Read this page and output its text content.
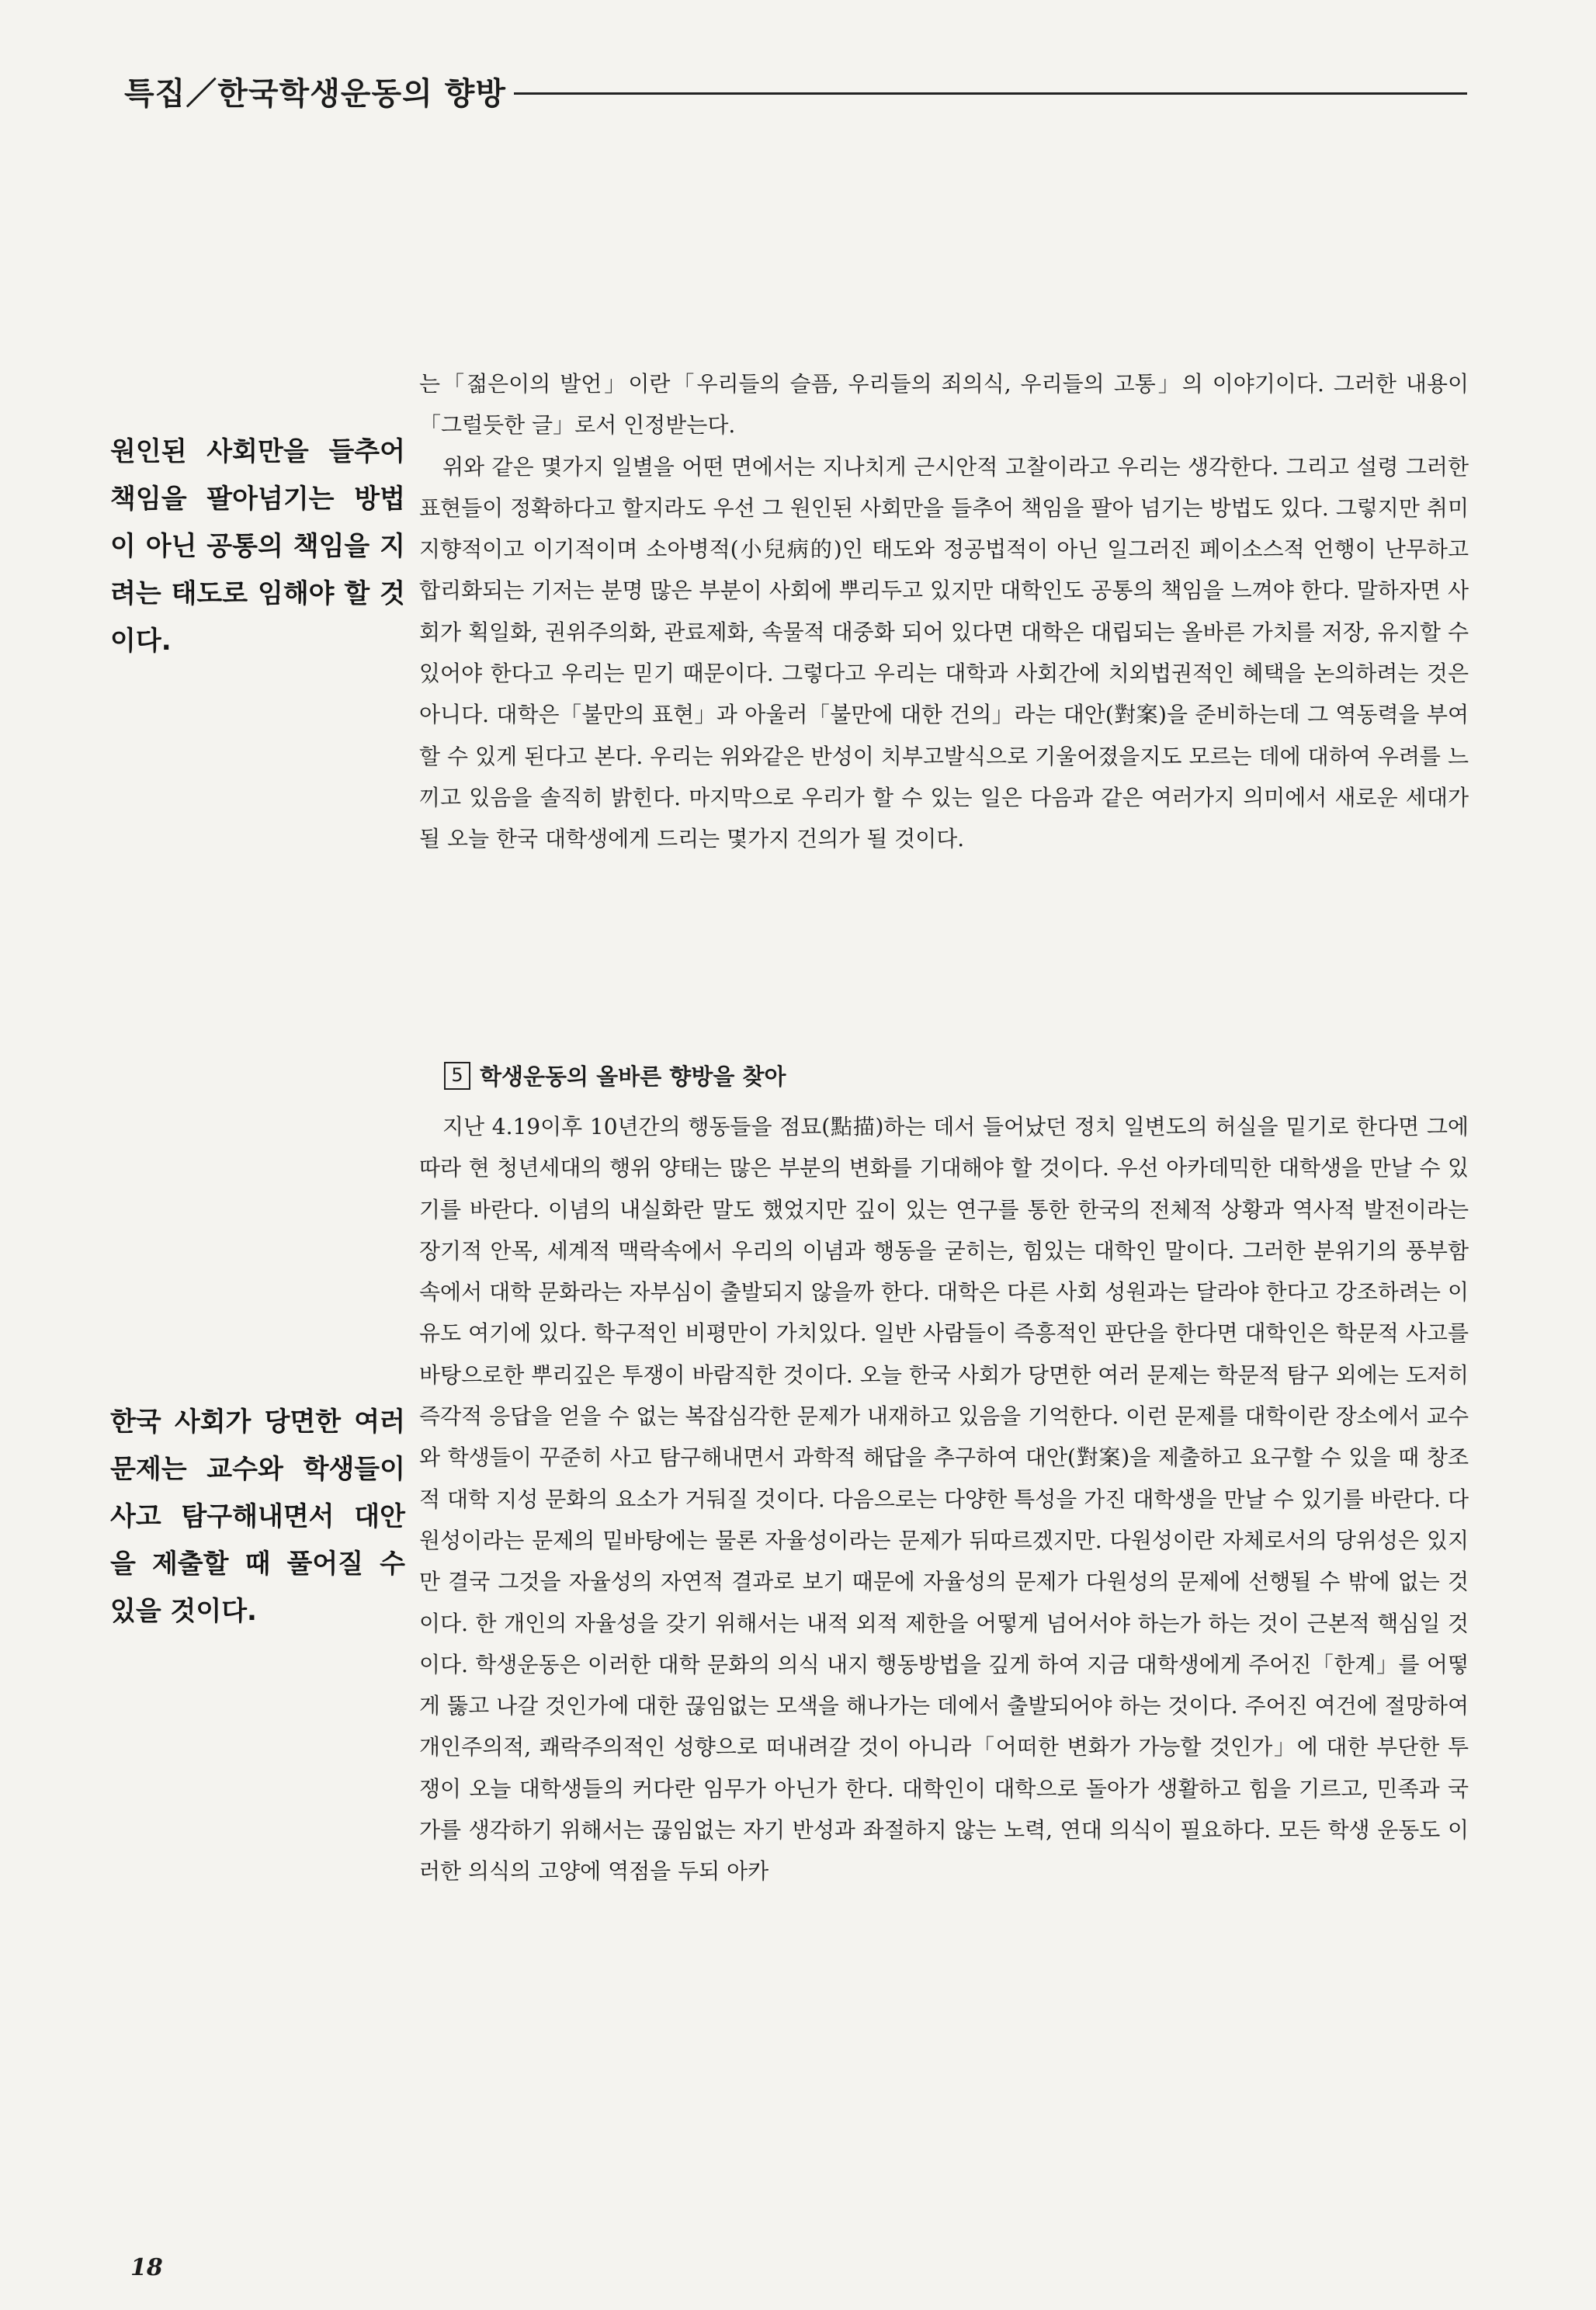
특집／한국학생운동의 향방
원인된 사회만을 들추어 책임을 팔아넘기는 방법이 아닌 공통의 책임을 지려는 태도로 임해야 할 것이다.
한국 사회가 당면한 여러문제는 교수와 학생들이 사고 탐구해내면서 대안을 제출할 때 풀어질 수 있을 것이다.

는「젊은이의 발언」이란「우리들의 슬픔, 우리들의 죄의식, 우리들의 고통」의 이야기이다. 그러한 내용이「그럴듯한 글」로서 인정받는다.

위와 같은 몇가지 일별을 어떤 면에서는 지나치게 근시안적 고찰이라고 우리는 생각한다. 그리고 설령 그러한 표현들이 정확하다고 할지라도 우선 그 원인된 사회만을 들추어 책임을 팔아 넘기는 방법도 있다. 그렇지만 취미지향적이고 이기적이며 소아병적(小兒病的)인 태도와 정공법적이 아닌 일그러진 페이소스적 언행이 난무하고 합리화되는 기저는 분명 많은 부분이 사회에 뿌리두고 있지만 대학인도 공통의 책임을 느껴야 한다. 말하자면 사회가 획일화, 권위주의화, 관료제화, 속물적 대중화 되어 있다면 대학은 대립되는 올바른 가치를 저장, 유지할 수 있어야 한다고 우리는 믿기 때문이다. 그렇다고 우리는 대학과 사회간에 치외법권적인 혜택을 논의하려는 것은 아니다. 대학은「불만의 표현」과 아울러「불만에 대한 건의」라는 대안(對案)을 준비하는데 그 역동력을 부여할 수 있게 된다고 본다. 우리는 위와같은 반성이 치부고발식으로 기울어졌을지도 모르는 데에 대하여 우려를 느끼고 있음을 솔직히 밝힌다. 마지막으로 우리가 할 수 있는 일은 다음과 같은 여러가지 의미에서 새로운 세대가 될 오늘 한국 대학생에게 드리는 몇가지 건의가 될 것이다.

5 학생운동의 올바른 향방을 찾아

지난 4.19이후 10년간의 행동들을 점묘(點描)하는 데서 들어났던 정치 일변도의 허실을 밑기로 한다면 그에 따라 현 청년세대의 행위 양태는 많은 부분의 변화를 기대해야 할 것이다. 우선 아카데믹한 대학생을 만날 수 있기를 바란다. 이념의 내실화란 말도 했었지만 깊이 있는 연구를 통한 한국의 전체적 상황과 역사적 발전이라는 장기적 안목, 세계적 맥락속에서 우리의 이념과 행동을 굳히는, 힘있는 대학인 말이다. 그러한 분위기의 풍부함 속에서 대학 문화라는 자부심이 출발되지 않을까 한다. 대학은 다른 사회 성원과는 달라야 한다고 강조하려는 이유도 여기에 있다. 학구적인 비평만이 가치있다. 일반 사람들이 즉흥적인 판단을 한다면 대학인은 학문적 사고를 바탕으로한 뿌리깊은 투쟁이 바람직한 것이다. 오늘 한국 사회가 당면한 여러 문제는 학문적 탐구 외에는 도저히 즉각적 응답을 얻을 수 없는 복잡심각한 문제가 내재하고 있음을 기억한다. 이런 문제를 대학이란 장소에서 교수와 학생들이 꾸준히 사고 탐구해내면서 과학적 해답을 추구하여 대안(對案)을 제출하고 요구할 수 있을 때 창조적 대학 지성 문화의 요소가 거둬질 것이다. 다음으로는 다양한 특성을 가진 대학생을 만날 수 있기를 바란다. 다원성이라는 문제의 밑바탕에는 물론 자율성이라는 문제가 뒤따르겠지만. 다원성이란 자체로서의 당위성은 있지만 결국 그것을 자율성의 자연적 결과로 보기 때문에 자율성의 문제가 다원성의 문제에 선행될 수 밖에 없는 것이다. 한 개인의 자율성을 갖기 위해서는 내적 외적 제한을 어떻게 넘어서야 하는가 하는 것이 근본적 핵심일 것이다. 학생운동은 이러한 대학 문화의 의식 내지 행동방법을 깊게 하여 지금 대학생에게 주어진「한계」를 어떻게 뚫고 나갈 것인가에 대한 끊임없는 모색을 해나가는 데에서 출발되어야 하는 것이다. 주어진 여건에 절망하여 개인주의적, 쾌락주의적인 성향으로 떠내려갈 것이 아니라「어떠한 변화가 가능할 것인가」에 대한 부단한 투쟁이 오늘 대학생들의 커다란 임무가 아닌가 한다. 대학인이 대학으로 돌아가 생활하고 힘을 기르고, 민족과 국가를 생각하기 위해서는 끊임없는 자기 반성과 좌절하지 않는 노력, 연대 의식이 필요하다. 모든 학생 운동도 이러한 의식의 고양에 역점을 두되 아카

18
